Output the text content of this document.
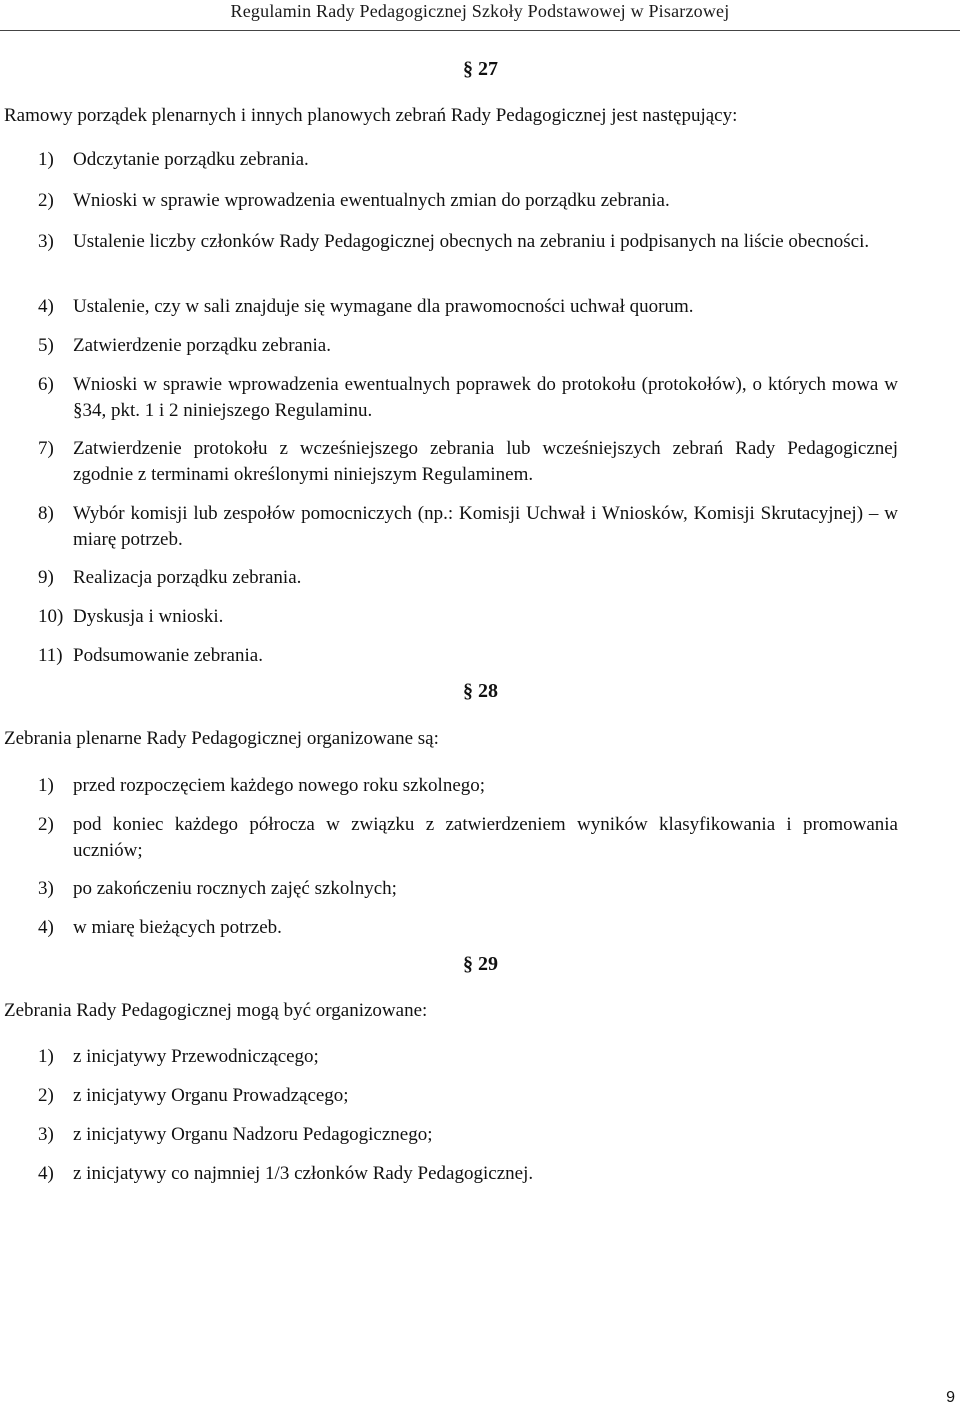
Regulamin Rady Pedagogicznej Szkoły Podstawowej w Pisarzowej
§ 27
Ramowy porządek plenarnych i innych planowych zebrań Rady Pedagogicznej jest następujący:
1)	Odczytanie porządku zebrania.
2)	Wnioski w sprawie wprowadzenia ewentualnych zmian do porządku zebrania.
3)	Ustalenie liczby członków Rady Pedagogicznej obecnych na zebraniu i podpisanych na liście obecności.
4)	Ustalenie, czy w sali znajduje się wymagane dla prawomocności uchwał quorum.
5)	Zatwierdzenie porządku zebrania.
6)	Wnioski w sprawie wprowadzenia ewentualnych poprawek do protokołu (protokołów), o których mowa w §34, pkt. 1 i 2 niniejszego Regulaminu.
7)	Zatwierdzenie protokołu z wcześniejszego zebrania lub wcześniejszych zebrań Rady Pedagogicznej zgodnie z terminami określonymi niniejszym Regulaminem.
8)	Wybór komisji lub zespołów pomocniczych (np.: Komisji Uchwał i Wniosków, Komisji Skrutacyjnej) – w miarę potrzeb.
9)	Realizacja porządku zebrania.
10) Dyskusja i wnioski.
11) Podsumowanie zebrania.
§ 28
Zebrania plenarne Rady Pedagogicznej organizowane są:
1)	przed rozpoczęciem każdego nowego roku szkolnego;
2)	pod koniec każdego półrocza w związku z zatwierdzeniem wyników klasyfikowania i promowania uczniów;
3)	po zakończeniu rocznych zajęć szkolnych;
4)	w miarę bieżących potrzeb.
§ 29
Zebrania Rady Pedagogicznej mogą być organizowane:
1)	z inicjatywy Przewodniczącego;
2)	z inicjatywy Organu Prowadzącego;
3)	z inicjatywy Organu Nadzoru Pedagogicznego;
4)	z inicjatywy co najmniej 1/3 członków Rady Pedagogicznej.
9
